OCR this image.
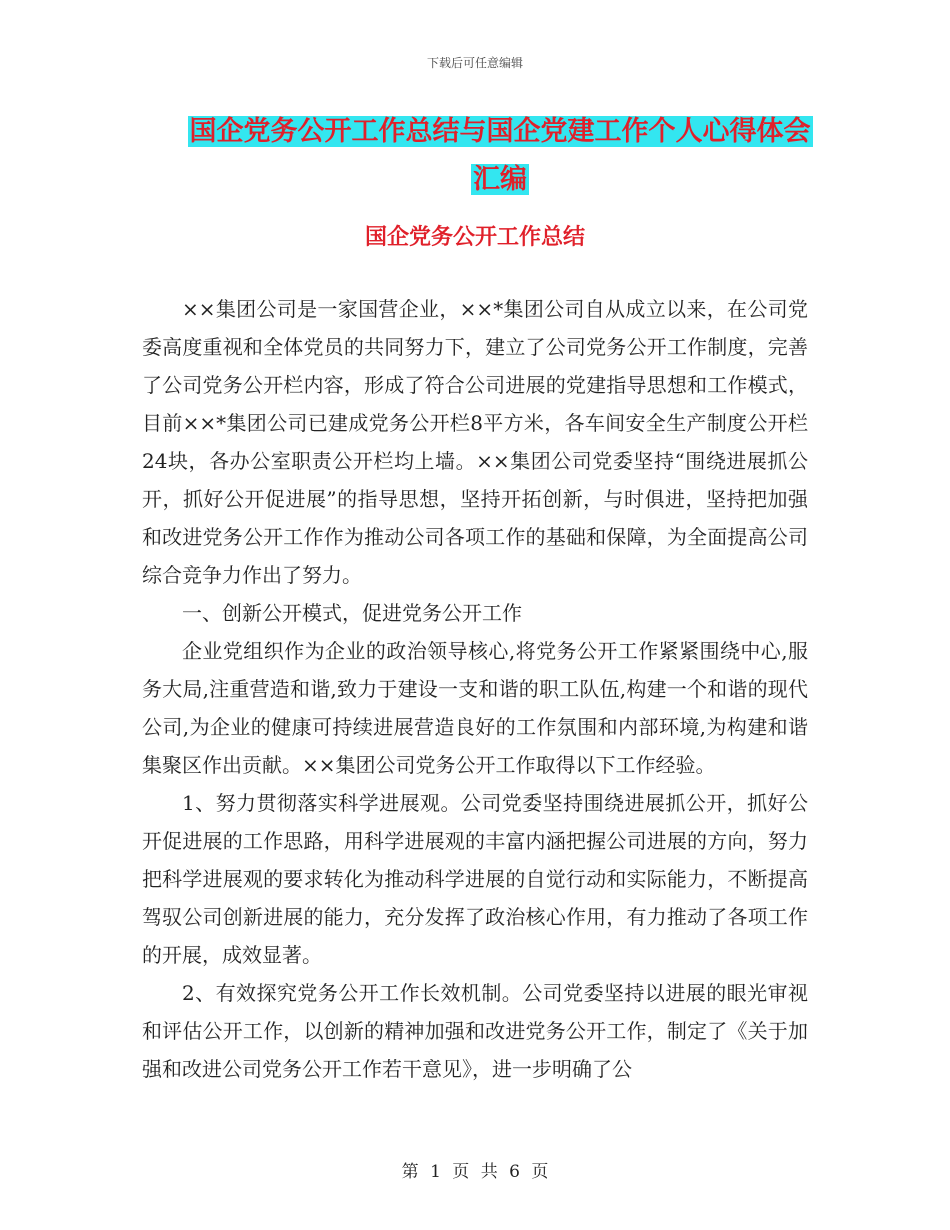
下载后可任意编辑
国企党务公开工作总结与国企党建工作个人心得体会
汇编
国企党务公开工作总结

××集团公司是一家国营企业，××*集团公司自从成立以来，在公司党委高度重视和全体党员的共同努力下，建立了公司党务公开工作制度，完善了公司党务公开栏内容，形成了符合公司进展的党建指导思想和工作模式，目前××*集团公司已建成党务公开栏8平方米，各车间安全生产制度公开栏24块，各办公室职责公开栏均上墙。××集团公司党委坚持“围绕进展抓公开，抓好公开促进展”的指导思想，坚持开拓创新，与时俱进，坚持把加强和改进党务公开工作作为推动公司各项工作的基础和保障，为全面提高公司综合竞争力作出了努力。

一、创新公开模式，促进党务公开工作

企业党组织作为企业的政治领导核心,将党务公开工作紧紧围绕中心,服务大局,注重营造和谐,致力于建设一支和谐的职工队伍,构建一个和谐的现代公司,为企业的健康可持续进展营造良好的工作氛围和内部环境,为构建和谐集聚区作出贡献。××集团公司党务公开工作取得以下工作经验。

1、努力贯彻落实科学进展观。公司党委坚持围绕进展抓公开，抓好公开促进展的工作思路，用科学进展观的丰富内涵把握公司进展的方向，努力把科学进展观的要求转化为推动科学进展的自觉行动和实际能力，不断提高驾驭公司创新进展的能力，充分发挥了政治核心作用，有力推动了各项工作的开展，成效显著。

2、有效探究党务公开工作长效机制。公司党委坚持以进展的眼光审视和评估公开工作，以创新的精神加强和改进党务公开工作，制定了《关于加强和改进公司党务公开工作若干意见》，进一步明确了公

第 1 页 共 6 页
